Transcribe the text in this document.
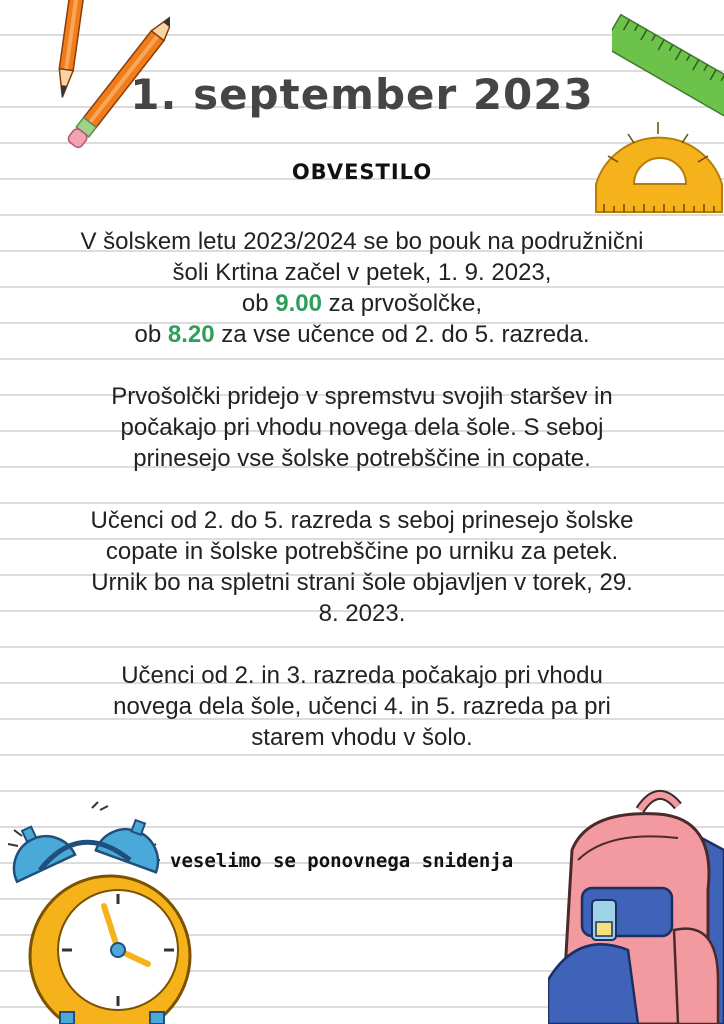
1. september 2023
OBVESTILO

V šolskem letu 2023/2024 se bo pouk na podružnični
šoli Krtina začel v petek, 1. 9. 2023,
ob 9.00 za prvošolčke,
ob 8.20 za vse učence od 2. do 5. razreda.

Prvošolčki pridejo v spremstvu svojih staršev in
počakajo pri vhodu novega dela šole. S seboj
prinesejo vse šolske potrebščine in copate.

Učenci od 2. do 5. razreda s seboj prinesejo šolske
copate in šolske potrebščine po urniku za petek.
Urnik bo na spletni strani šole objavljen v torek, 29.
8. 2023.

Učenci od 2. in 3. razreda počakajo pri vhodu
novega dela šole, učenci 4. in 5. razreda pa pri
starem vhodu v šolo.

veselimo se ponovnega snidenja
